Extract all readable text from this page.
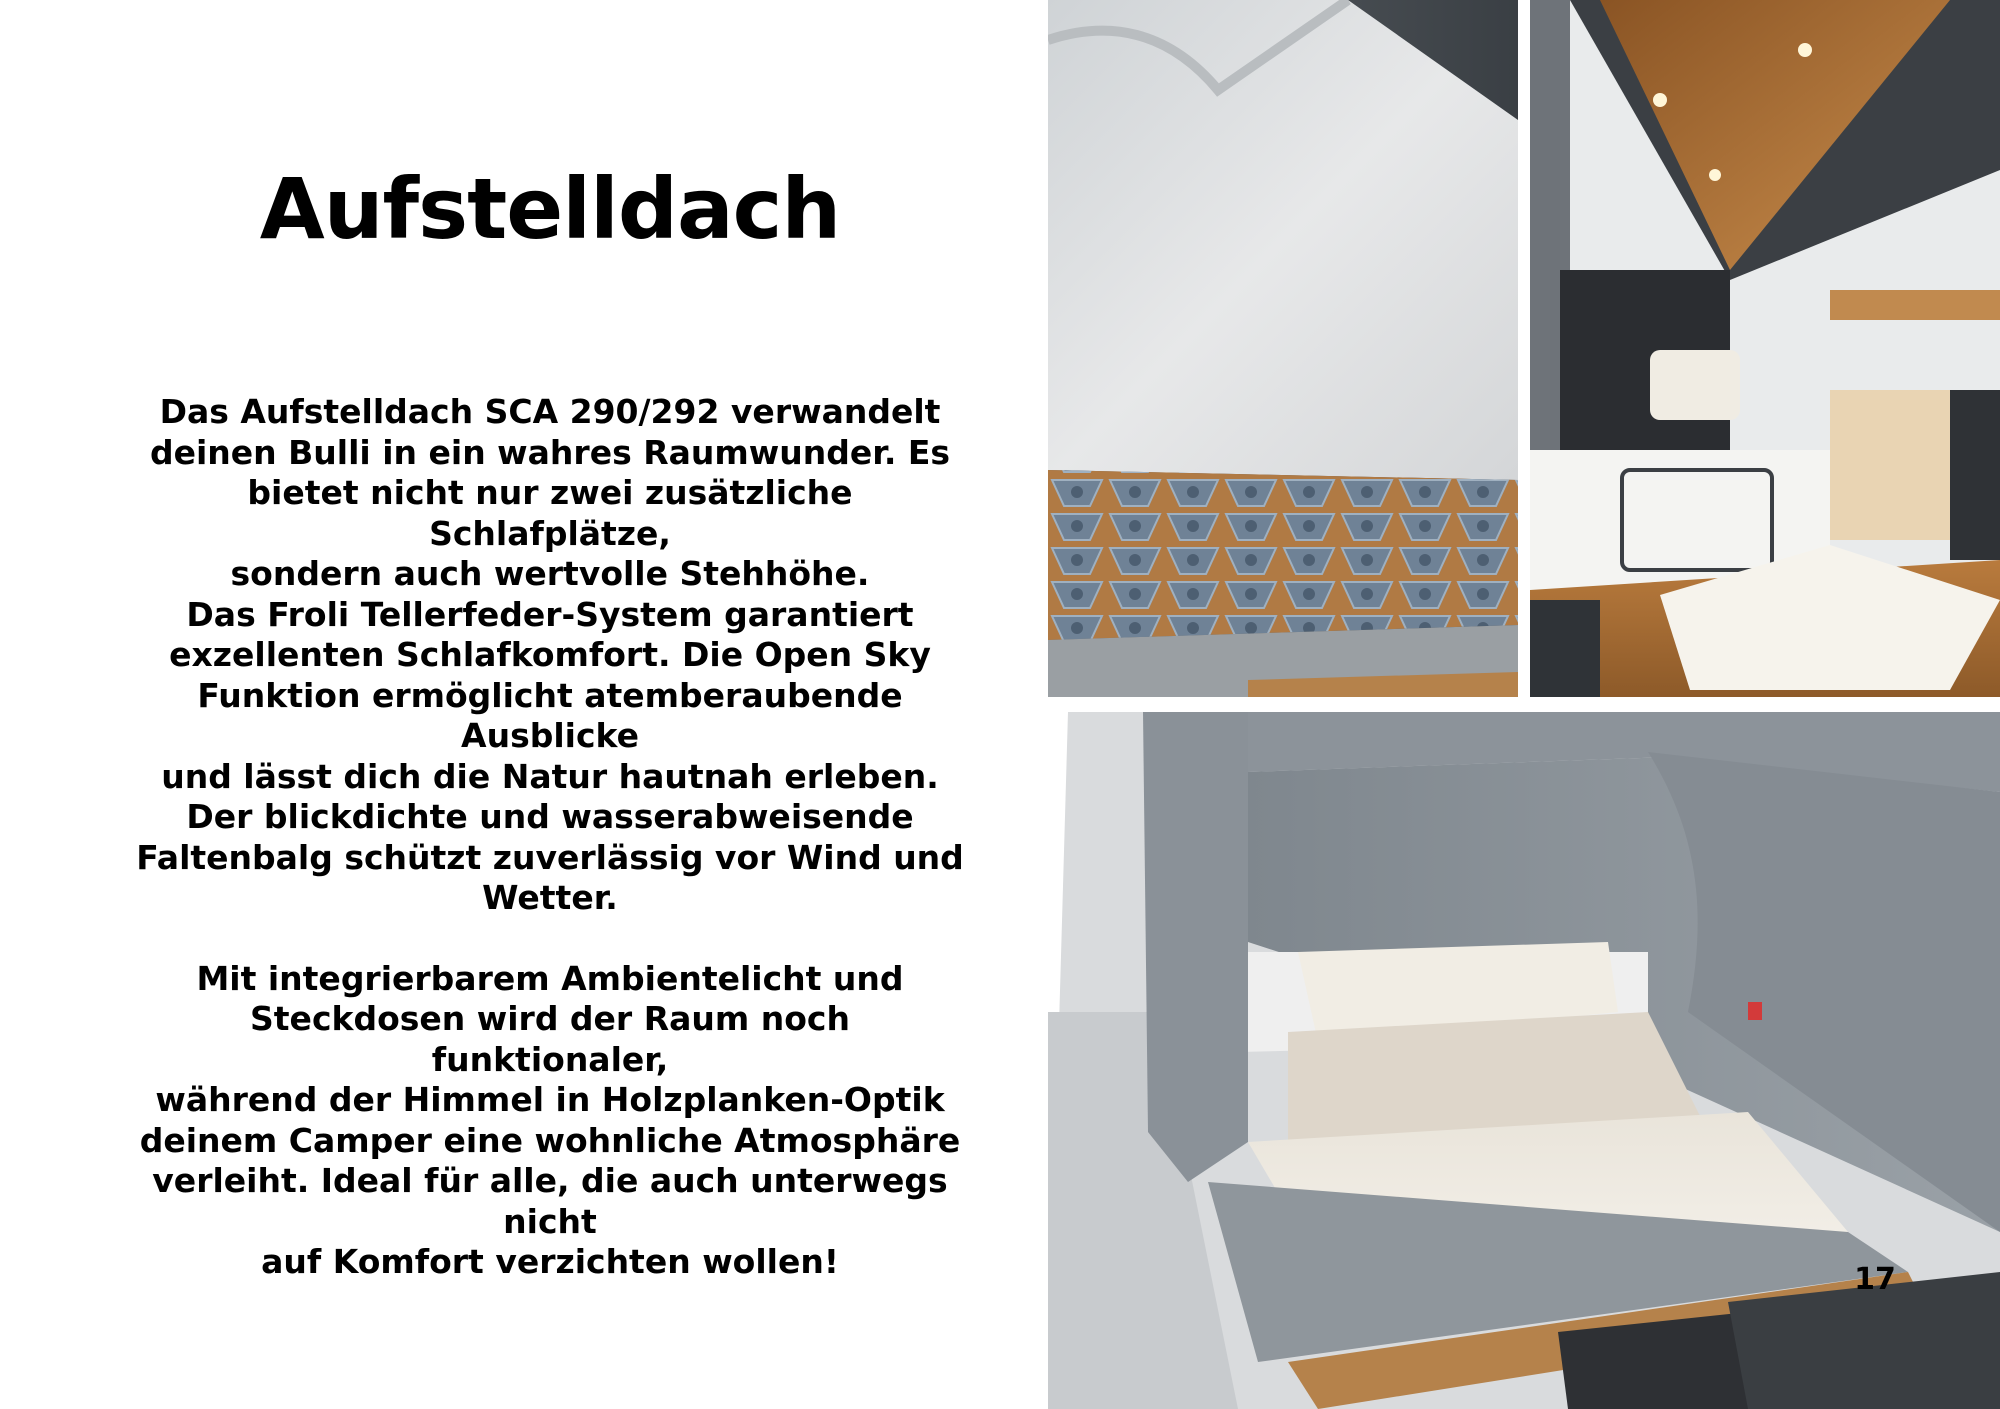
Aufstelldach

Das Aufstelldach SCA 290/292 verwandelt

deinen Bulli in ein wahres Raumwunder. Es

bietet nicht nur zwei zusätzliche Schlafplätze,

sondern auch wertvolle Stehhöhe.

Das Froli Tellerfeder-System garantiert

exzellenten Schlafkomfort. Die Open Sky

Funktion ermöglicht atemberaubende Ausblicke

und lässt dich die Natur hautnah erleben.

Der blickdichte und wasserabweisende

Faltenbalg schützt zuverlässig vor Wind und

Wetter.

Mit integrierbarem Ambientelicht und

Steckdosen wird der Raum noch funktionaler,

während der Himmel in Holzplanken-Optik

deinem Camper eine wohnliche Atmosphäre

verleiht. Ideal für alle, die auch unterwegs nicht

auf Komfort verzichten wollen!	17
